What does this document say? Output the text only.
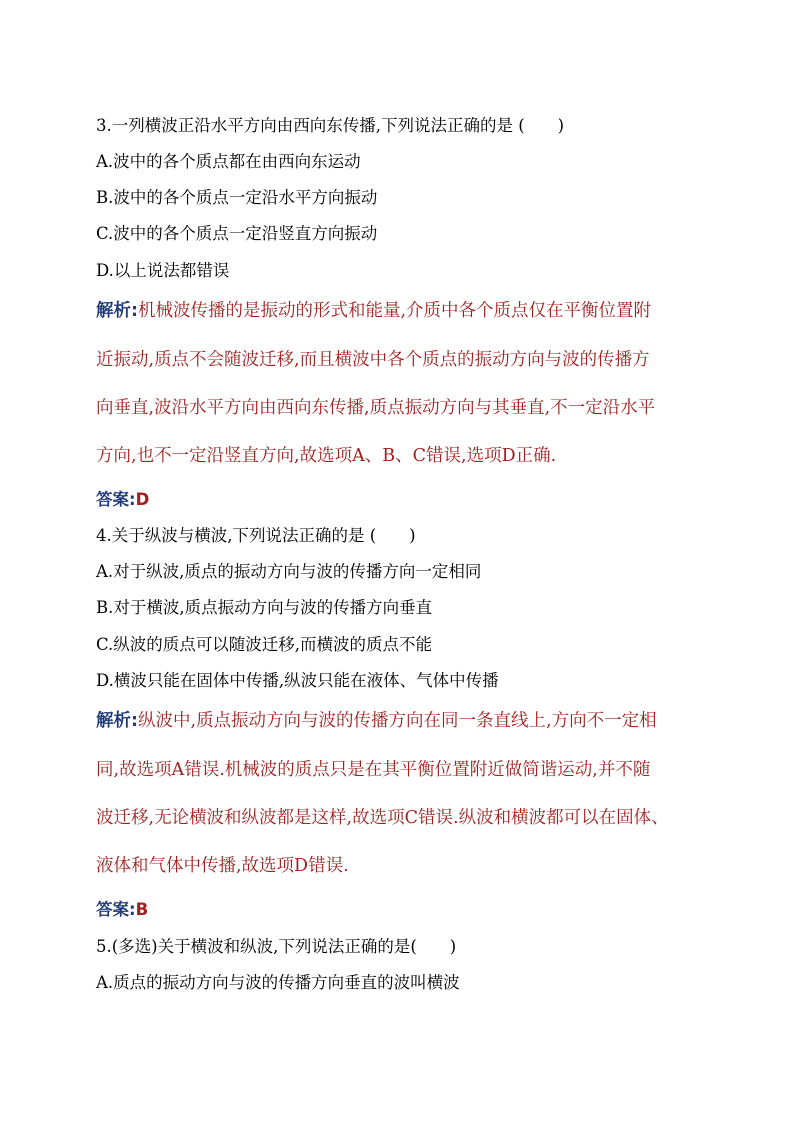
3.一列横波正沿水平方向由西向东传播,下列说法正确的是 (　　)
A.波中的各个质点都在由西向东运动
B.波中的各个质点一定沿水平方向振动
C.波中的各个质点一定沿竖直方向振动
D.以上说法都错误
解析:机械波传播的是振动的形式和能量,介质中各个质点仅在平衡位置附
近振动,质点不会随波迁移,而且横波中各个质点的振动方向与波的传播方
向垂直,波沿水平方向由西向东传播,质点振动方向与其垂直,不一定沿水平
方向,也不一定沿竖直方向,故选项A、B、C错误,选项D正确.
答案:D
4.关于纵波与横波,下列说法正确的是 (　　)
A.对于纵波,质点的振动方向与波的传播方向一定相同
B.对于横波,质点振动方向与波的传播方向垂直
C.纵波的质点可以随波迁移,而横波的质点不能
D.横波只能在固体中传播,纵波只能在液体、气体中传播
解析:纵波中,质点振动方向与波的传播方向在同一条直线上,方向不一定相
同,故选项A错误.机械波的质点只是在其平衡位置附近做简谐运动,并不随
波迁移,无论横波和纵波都是这样,故选项C错误.纵波和横波都可以在固体、
液体和气体中传播,故选项D错误.
答案:B
5.(多选)关于横波和纵波,下列说法正确的是(　　)
A.质点的振动方向与波的传播方向垂直的波叫横波
